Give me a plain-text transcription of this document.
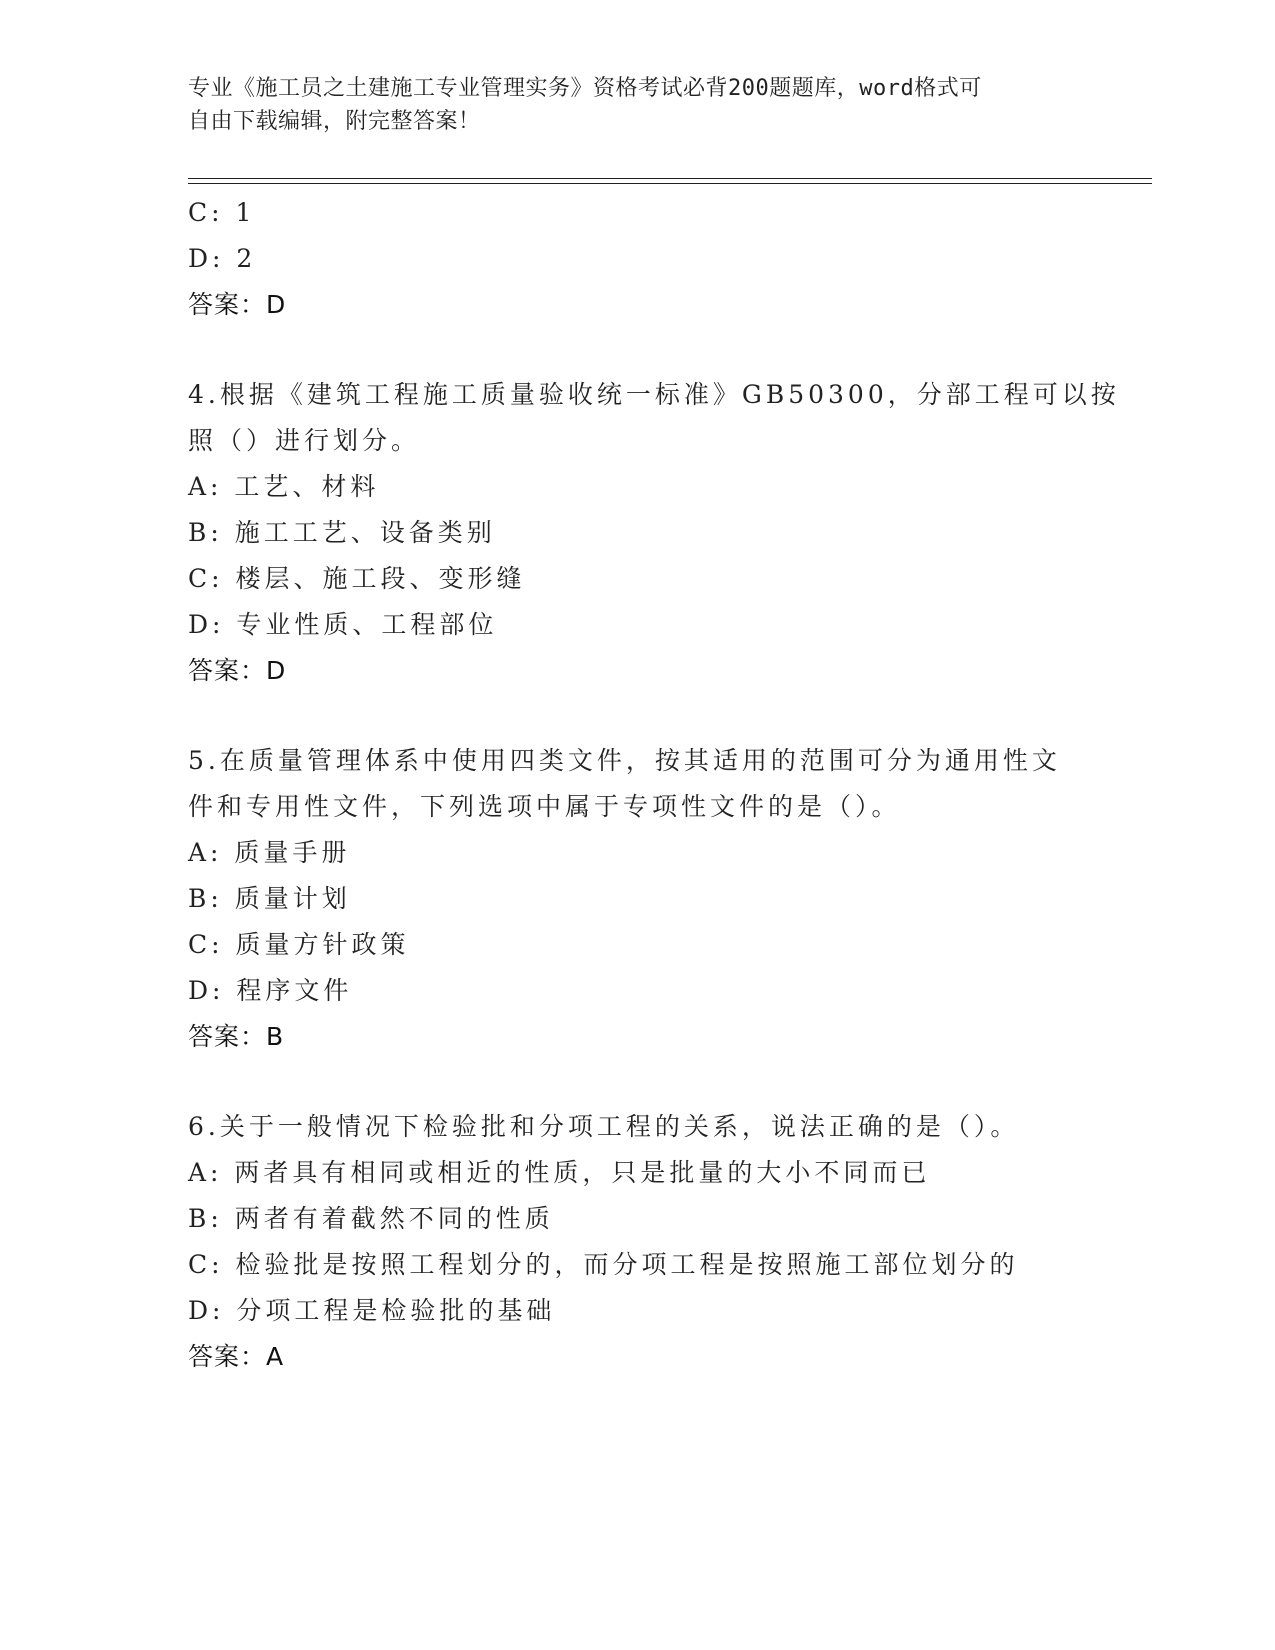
专业《施工员之土建施工专业管理实务》资格考试必背200题题库，word格式可
自由下载编辑，附完整答案！
C: 1
D: 2
答案：D
4.根据《建筑工程施工质量验收统一标准》GB50300，分部工程可以按
照（）进行划分。
A: 工艺、材料
B: 施工工艺、设备类别
C: 楼层、施工段、变形缝
D: 专业性质、工程部位
答案：D
5.在质量管理体系中使用四类文件，按其适用的范围可分为通用性文
件和专用性文件，下列选项中属于专项性文件的是（）。
A: 质量手册
B: 质量计划
C: 质量方针政策
D: 程序文件
答案：B
6.关于一般情况下检验批和分项工程的关系，说法正确的是（）。
A: 两者具有相同或相近的性质，只是批量的大小不同而已
B: 两者有着截然不同的性质
C: 检验批是按照工程划分的，而分项工程是按照施工部位划分的
D: 分项工程是检验批的基础
答案：A
